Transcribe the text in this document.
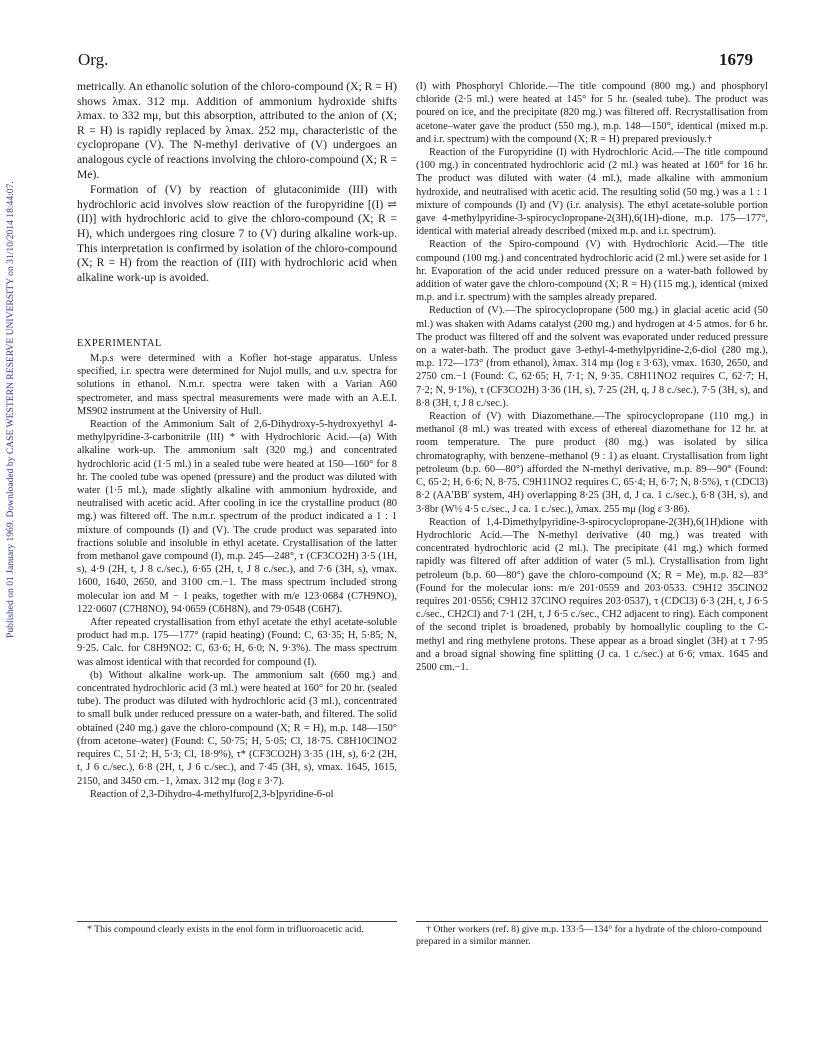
Published on 01 January 1969. Downloaded by CASE WESTERN RESERVE UNIVERSITY on 31/10/2014 18:44:07.
Org.	1679

metrically. An ethanolic solution of the chloro-compound (X; R = H) shows λmax. 312 mμ. Addition of ammonium hydroxide shifts λmax. to 332 mμ, but this absorption, attributed to the anion of (X; R = H) is rapidly replaced by λmax. 252 mμ, characteristic of the cyclopropane (V). The N-methyl derivative of (V) undergoes an analogous cycle of reactions involving the chloro-compound (X; R = Me).

Formation of (V) by reaction of glutaconimide (III) with hydrochloric acid involves slow reaction of the furopyridine [(I) ⇌ (II)] with hydrochloric acid to give the chloro-compound (X; R = H), which undergoes ring closure 7 to (V) during alkaline work-up. This interpretation is confirmed by isolation of the chloro-compound (X; R = H) from the reaction of (III) with hydrochloric acid when alkaline work-up is avoided.

EXPERIMENTAL

M.p.s were determined with a Kofler hot-stage apparatus. Unless specified, i.r. spectra were determined for Nujol mulls, and u.v. spectra for solutions in ethanol. N.m.r. spectra were taken with a Varian A60 spectrometer, and mass spectral measurements were made with an A.E.I. MS902 instrument at the University of Hull.

Reaction of the Ammonium Salt of 2,6-Dihydroxy-5-hydroxyethyl 4-methylpyridine-3-carbonitrile (III) * with Hydrochloric Acid.—(a) With alkaline work-up. The ammonium salt (320 mg.) and concentrated hydrochloric acid (1·5 ml.) in a sealed tube were heated at 150—160° for 8 hr. The cooled tube was opened (pressure) and the product was diluted with water (1·5 ml.), made slightly alkaline with ammonium hydroxide, and neutralised with acetic acid. After cooling in ice the crystalline product (80 mg.) was filtered off. The n.m.r. spectrum of the product indicated a 1 : 1 mixture of compounds (I) and (V). The crude product was separated into fractions soluble and insoluble in ethyl acetate. Crystallisation of the latter from methanol gave compound (I), m.p. 245—248°, τ (CF3CO2H) 3·5 (1H, s), 4·9 (2H, t, J 8 c./sec.), 6·65 (2H, t, J 8 c./sec.), and 7·6 (3H, s), νmax. 1600, 1640, 2650, and 3100 cm.−1. The mass spectrum included strong molecular ion and M − 1 peaks, together with m/e 123·0684 (C7H9NO), 122·0607 (C7H8NO), 94·0659 (C6H8N), and 79·0548 (C6H7).

After repeated crystallisation from ethyl acetate the ethyl acetate-soluble product had m.p. 175—177° (rapid heating) (Found: C, 63·35; H, 5·85; N, 9·25. Calc. for C8H9NO2: C, 63·6; H, 6·0; N, 9·3%). The mass spectrum was almost identical with that recorded for compound (I).

(b) Without alkaline work-up. The ammonium salt (660 mg.) and concentrated hydrochloric acid (3 ml.) were heated at 160° for 20 hr. (sealed tube). The product was diluted with hydrochloric acid (3 ml.), concentrated to small bulk under reduced pressure on a water-bath, and filtered. The solid obtained (240 mg.) gave the chloro-compound (X; R = H), m.p. 148—150° (from acetone–water) (Found: C, 50·75; H, 5·05; Cl, 18·75. C8H10ClNO2 requires C, 51·2; H, 5·3; Cl, 18·9%), τ* (CF3CO2H) 3·35 (1H, s), 6·2 (2H, t, J 6 c./sec.), 6·8 (2H, t, J 6 c./sec.), and 7·45 (3H, s), νmax. 1645, 1615, 2150, and 3450 cm.−1, λmax. 312 mμ (log ε 3·7).

Reaction of 2,3-Dihydro-4-methylfuro[2,3-b]pyridine-6-ol

(I) with Phosphoryl Chloride.—The title compound (800 mg.) and phosphoryl chloride (2·5 ml.) were heated at 145° for 5 hr. (sealed tube). The product was poured on ice, and the precipitate (820 mg.) was filtered off. Recrystallisation from acetone–water gave the product (550 mg.), m.p. 148—150°, identical (mixed m.p. and i.r. spectrum) with the compound (X; R = H) prepared previously.†

Reaction of the Furopyridine (I) with Hydrochloric Acid.—The title compound (100 mg.) in concentrated hydrochloric acid (2 ml.) was heated at 160° for 16 hr. The product was diluted with water (4 ml.), made alkaline with ammonium hydroxide, and neutralised with acetic acid. The resulting solid (50 mg.) was a 1 : 1 mixture of compounds (I) and (V) (i.r. analysis). The ethyl acetate-soluble portion gave 4-methylpyridine-3-spirocyclopropane-2(3H),6(1H)-dione, m.p. 175—177°, identical with material already described (mixed m.p. and i.r. spectrum).

Reaction of the Spiro-compound (V) with Hydrochloric Acid.—The title compound (100 mg.) and concentrated hydrochloric acid (2 ml.) were set aside for 1 hr. Evaporation of the acid under reduced pressure on a water-bath followed by addition of water gave the chloro-compound (X; R = H) (115 mg.), identical (mixed m.p. and i.r. spectrum) with the samples already prepared.

Reduction of (V).—The spirocyclopropane (500 mg.) in glacial acetic acid (50 ml.) was shaken with Adams catalyst (200 mg.) and hydrogen at 4·5 atmos. for 6 hr. The product was filtered off and the solvent was evaporated under reduced pressure on a water-bath. The product gave 3-ethyl-4-methylpyridine-2,6-diol (280 mg.), m.p. 172—173° (from ethanol), λmax. 314 mμ (log ε 3·63), νmax. 1630, 2650, and 2750 cm.−1 (Found: C, 62·65; H, 7·1; N, 9·35. C8H11NO2 requires C, 62·7; H, 7·2; N, 9·1%), τ (CF3CO2H) 3·36 (1H, s), 7·25 (2H, q, J 8 c./sec.), 7·5 (3H, s), and 8·8 (3H, t, J 8 c./sec.).

Reaction of (V) with Diazomethane.—The spirocyclopropane (110 mg.) in methanol (8 ml.) was treated with excess of ethereal diazomethane for 12 hr. at room temperature. The pure product (80 mg.) was isolated by silica chromatography, with benzene–methanol (9 : 1) as eluant. Crystallisation from light petroleum (b.p. 60—80°) afforded the N-methyl derivative, m.p. 89—90° (Found: C, 65·2; H, 6·6; N, 8·75. C9H11NO2 requires C, 65·4; H, 6·7; N, 8·5%), τ (CDCl3) 8·2 (AA′BB′ system, 4H) overlapping 8·25 (3H, d, J ca. 1 c./sec.), 6·8 (3H, s), and 3·8br (W½ 4·5 c./sec., J ca. 1 c./sec.), λmax. 255 mμ (log ε 3·86).

Reaction of 1,4-Dimethylpyridine-3-spirocyclopropane-2(3H),6(1H)dione with Hydrochloric Acid.—The N-methyl derivative (40 mg.) was treated with concentrated hydrochloric acid (2 ml.). The precipitate (41 mg.) which formed rapidly was filtered off after addition of water (5 ml.). Crystallisation from light petroleum (b.p. 60—80°) gave the chloro-compound (X; R = Me), m.p. 82—83° (Found for the molecular ions: m/e 201·0559 and 203·0533. C9H12 35ClNO2 requires 201·0556; C9H12 37ClNO requires 203·0537), τ (CDCl3) 6·3 (2H, t, J 6·5 c./sec., CH2Cl) and 7·1 (2H, t, J 6·5 c./sec., CH2 adjacent to ring). Each component of the second triplet is broadened, probably by homoallylic coupling to the C-methyl and ring methylene protons. These appear as a broad singlet (3H) at τ 7·95 and a broad signal showing fine splitting (J ca. 1 c./sec.) at 6·6; νmax. 1645 and 2500 cm.−1.

* This compound clearly exists in the enol form in trifluoroacetic acid.	† Other workers (ref. 8) give m.p. 133·5—134° for a hydrate of the chloro-compound prepared in a similar manner.
